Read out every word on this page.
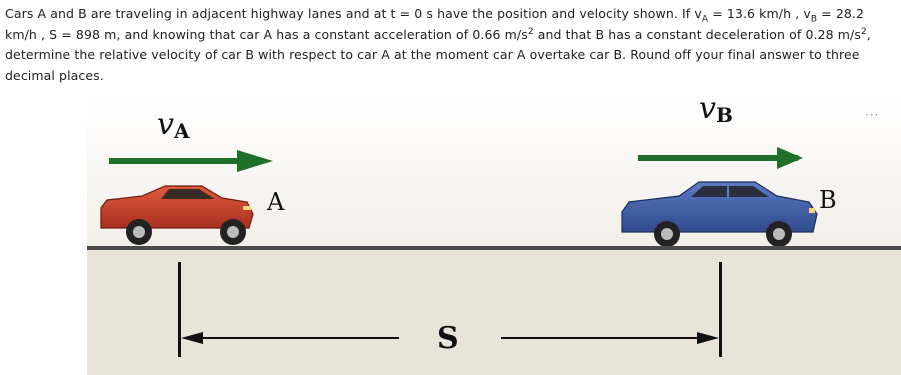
Cars A and B are traveling in adjacent highway lanes and at t = 0 s have the position and velocity shown. If $v_A = 13.6$ km/h , $v_B = 28.2$ km/h , S = 898 m, and knowing that car A has a constant acceleration of 0.66 $m/s^2$ and that B has a constant deceleration of 0.28 $m/s^2$, determine the relative velocity of car B with respect to car A at the moment car A overtake car B. Round off your final answer to three decimal places.
vA
vB
A	B
S
···
